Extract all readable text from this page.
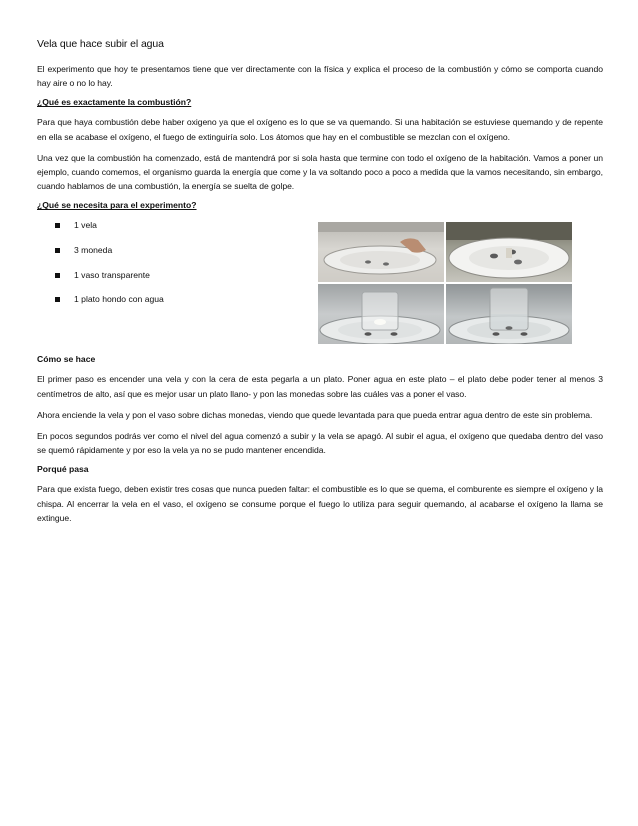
Vela que hace subir el agua

El experimento que hoy te presentamos tiene que ver directamente con la física y explica el proceso de la combustión y cómo se comporta cuando hay aire o no lo hay.

¿Qué es exactamente la combustión?

Para que haya combustión debe haber oxigeno ya que el oxígeno es lo que se va quemando. Si una habitación se estuviese quemando y de repente en ella se acabase el oxígeno, el fuego de extinguiría solo. Los átomos que hay en el combustible se mezclan con el oxígeno.

Una vez que la combustión ha comenzado, está de mantendrá por si sola hasta que termine con todo el oxígeno de la habitación. Vamos a poner un ejemplo, cuando comemos, el organismo guarda la energía que come y la va soltando poco a poco a medida que la vamos necesitando, sin embargo, cuando hablamos de una combustión, la energía se suelta de golpe.

¿Qué se necesita para el experimento?
1 vela
3 moneda
1 vaso transparente
1 plato hondo con agua
Cómo se hace

El primer paso es encender una vela y con la cera de esta pegarla a un plato. Poner agua en este plato – el plato debe poder tener al menos 3 centímetros de alto, así que es mejor usar un plato llano- y pon las monedas sobre las cuáles vas a poner el vaso.

Ahora enciende la vela y pon el vaso sobre dichas monedas, viendo que quede levantada para que pueda entrar agua dentro de este sin problema.

En pocos segundos podrás ver como el nivel del agua comenzó a subir y la vela se apagó. Al subir el agua, el oxígeno que quedaba dentro del vaso se quemó rápidamente y por eso la vela ya no se pudo mantener encendida.

Porqué pasa

Para que exista fuego, deben existir tres cosas que nunca pueden faltar: el combustible es lo que se quema, el comburente es siempre el oxígeno y la chispa. Al encerrar la vela en el vaso, el oxígeno se consume porque el fuego lo utiliza para seguir quemando, al acabarse el oxígeno la llama se extingue.
